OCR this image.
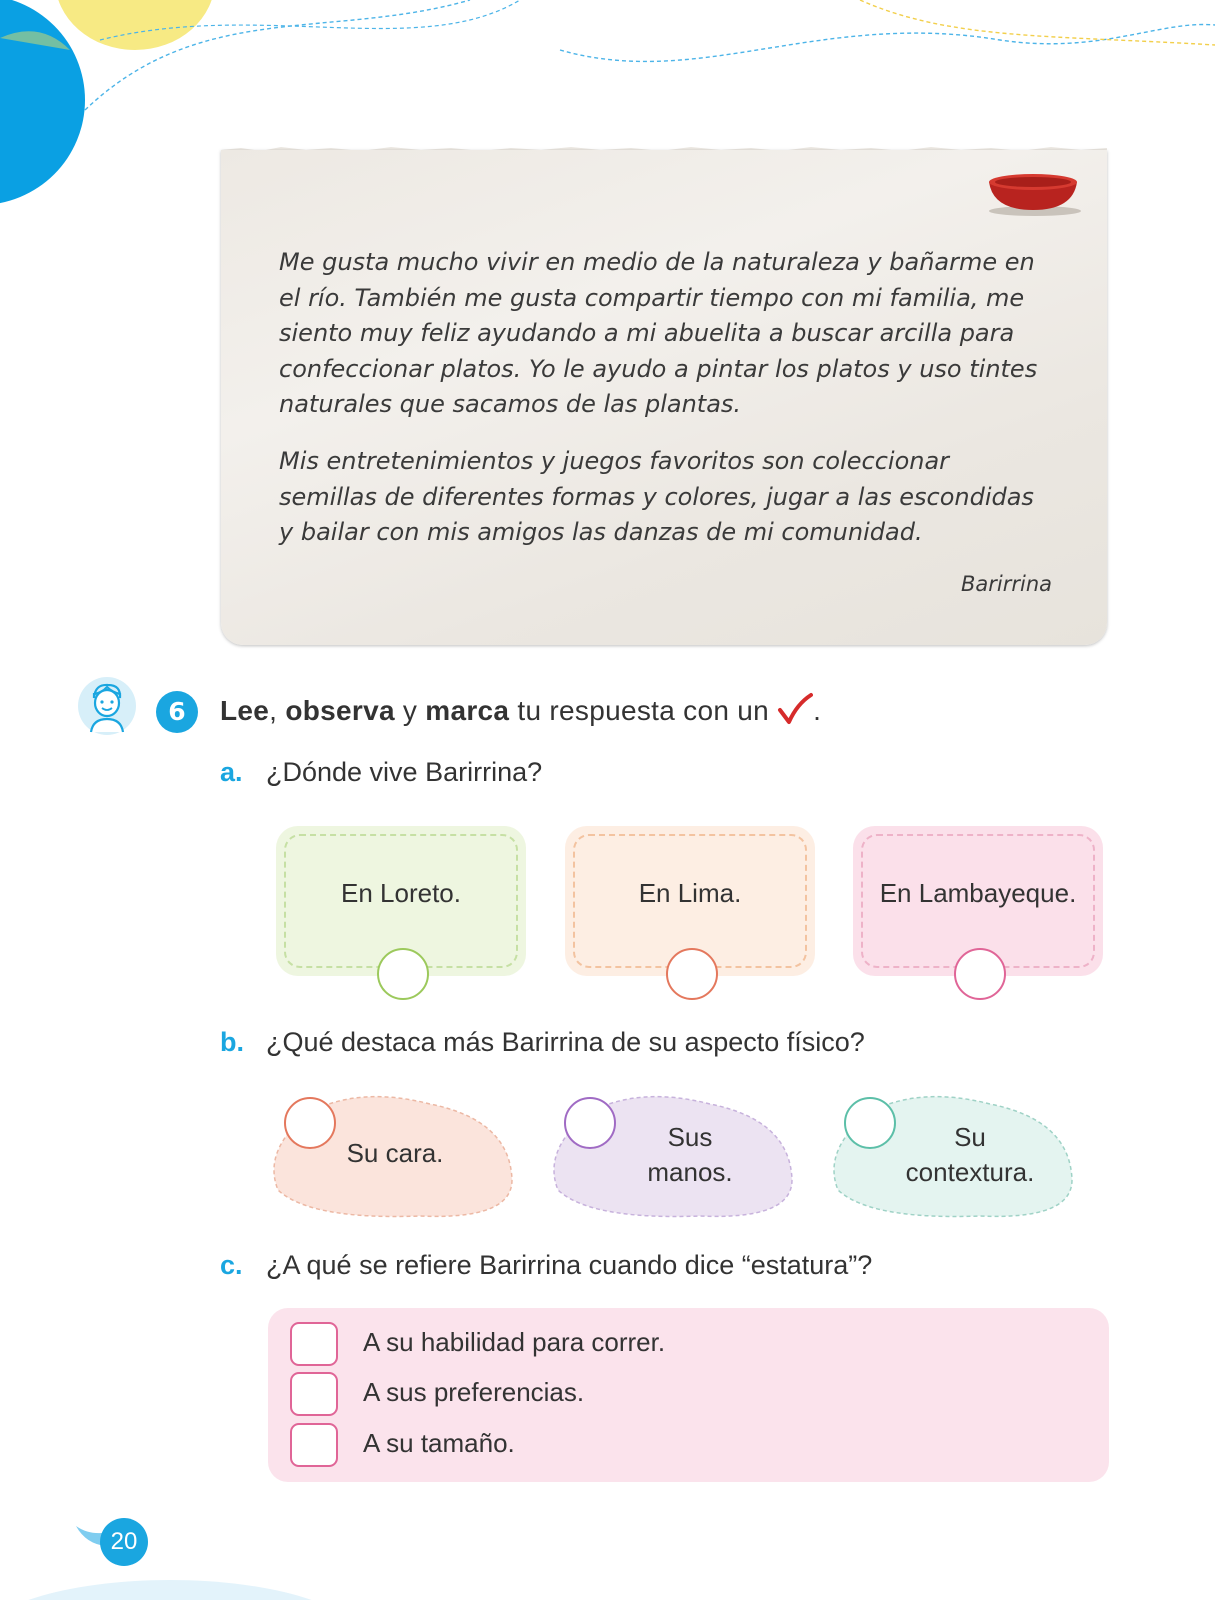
Me gusta mucho vivir en medio de la naturaleza y bañarme en el río. También me gusta compartir tiempo con mi familia, me siento muy feliz ayudando a mi abuelita a buscar arcilla para confeccionar platos. Yo le ayudo a pintar los platos y uso tintes naturales que sacamos de las plantas.

Mis entretenimientos y juegos favoritos son coleccionar semillas de diferentes formas y colores, jugar a las escondidas y bailar con mis amigos las danzas de mi comunidad.

Barirrina
6	Lee, observa y marca tu respuesta con un .
a. ¿Dónde vive Barirrina?
En Loreto.	En Lima.	En Lambayeque.
b. ¿Qué destaca más Barirrina de su aspecto físico?
Su cara.
Sus
manos.
Su
contextura.
c. ¿A qué se refiere Barirrina cuando dice “estatura”?
A su habilidad para correr.
A sus preferencias.
A su tamaño.
20
